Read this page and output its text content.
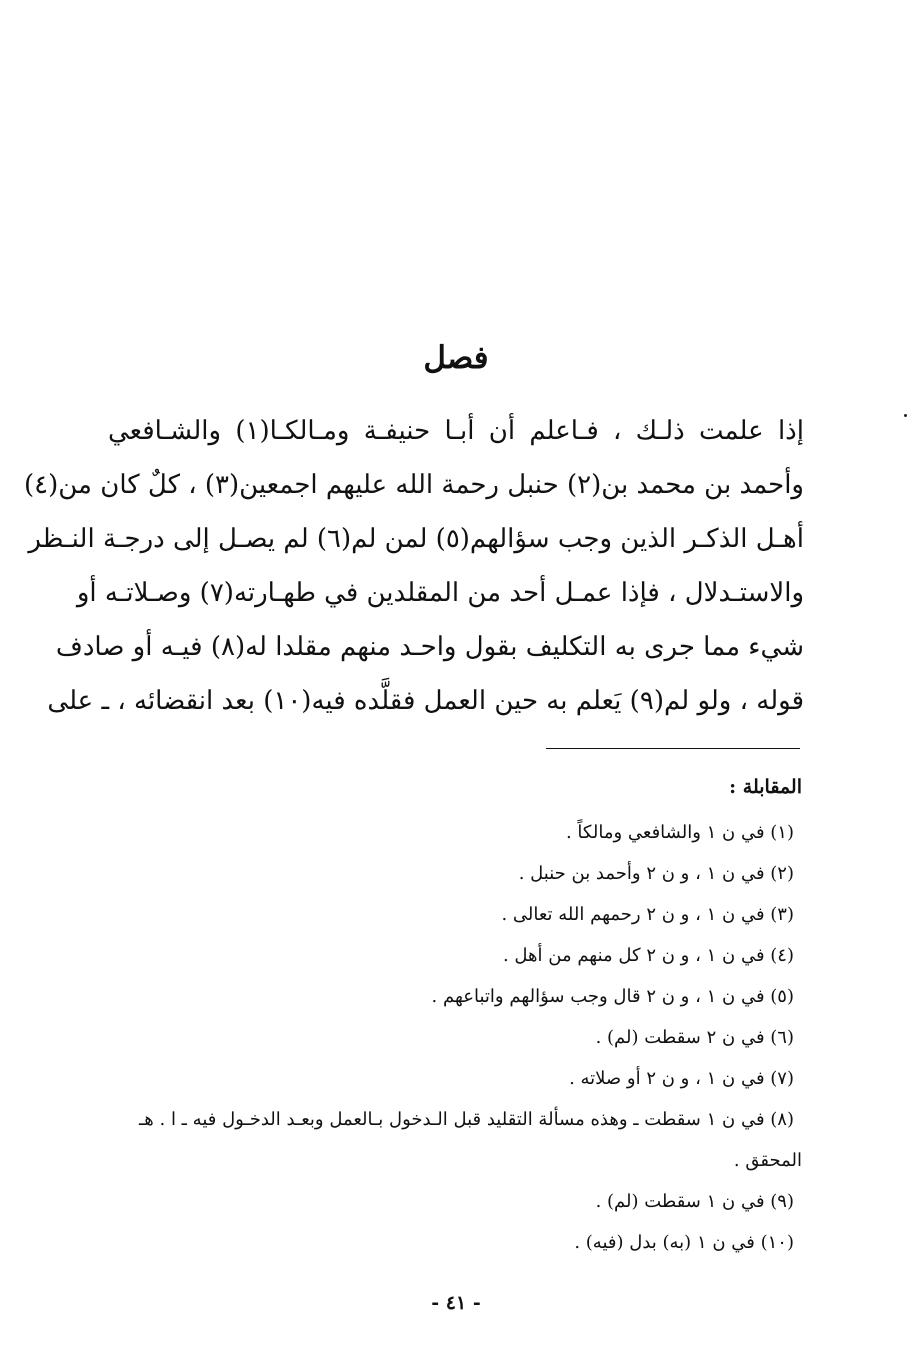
فصل
إذا علمت ذلـك ، فـاعلم أن أبـا حنيفـة ومـالكـا(١) والشـافعي
وأحمد بن محمد بن(٢) حنبل رحمة الله عليهم اجمعين(٣) ، كلٌ كان من(٤)
أهـل الذكـر الذين وجب سؤالهم(٥) لمن لم(٦) لم يصـل إلى درجـة النـظر
والاستـدلال ، فإذا عمـل أحد من المقلدين في طهـارته(٧) وصـلاتـه أو
شيء مما جرى به التكليف بقول واحـد منهم مقلدا له(٨) فيـه أو صادف
قوله ، ولو لم(٩) يَعلم به حين العمل فقلَّده فيه(١٠) بعد انقضائه ، ـ على
المقابلة :
(١) في ن ١ والشافعي ومالكاً .
(٢) في ن ١ ، و ن ٢ وأحمد بن حنبل .
(٣) في ن ١ ، و ن ٢ رحمهم الله تعالى .
(٤) في ن ١ ، و ن ٢ كل منهم من أهل .
(٥) في ن ١ ، و ن ٢ قال وجب سؤالهم واتباعهم .
(٦) في ن ٢ سقطت (لم) .
(٧) في ن ١ ، و ن ٢ أو صلاته .
(٨) في ن ١ سقطت ـ وهذه مسألة التقليد قبل الـدخول بـالعمل وبعـد الدخـول فيه ـ ا . هـ
المحقق .
(٩) في ن ١ سقطت (لم) .
(١٠) في ن ١ (به) بدل (فيه) .
- ٤١ -
